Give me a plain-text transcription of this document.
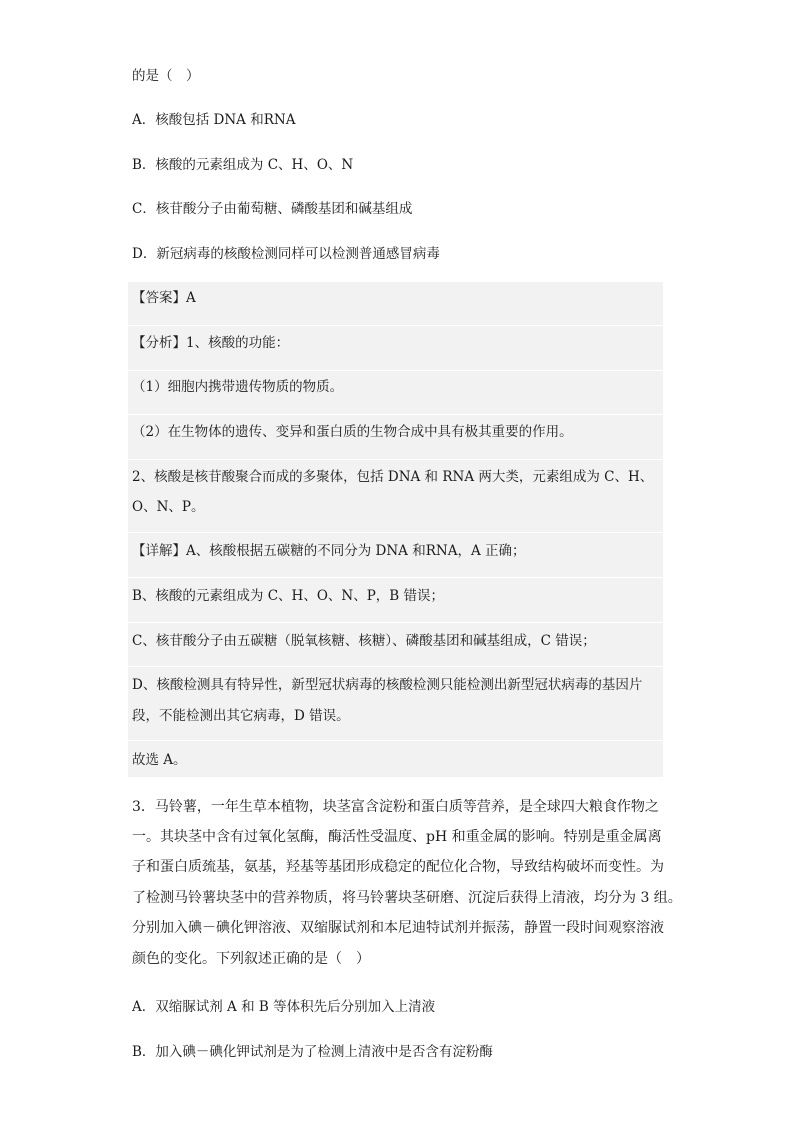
的是（　）
A．核酸包括 DNA 和RNA
B．核酸的元素组成为 C、H、O、N
C．核苷酸分子由葡萄糖、磷酸基团和碱基组成
D．新冠病毒的核酸检测同样可以检测普通感冒病毒
【答案】A
【分析】1、核酸的功能：
（1）细胞内携带遗传物质的物质。
（2）在生物体的遗传、变异和蛋白质的生物合成中具有极其重要的作用。
2、核酸是核苷酸聚合而成的多聚体，包括 DNA 和 RNA 两大类，元素组成为 C、H、
O、N、P。
【详解】A、核酸根据五碳糖的不同分为 DNA 和RNA，A 正确；
B、核酸的元素组成为 C、H、O、N、P，B 错误；
C、核苷酸分子由五碳糖（脱氧核糖、核糖）、磷酸基团和碱基组成，C 错误；
D、核酸检测具有特异性，新型冠状病毒的核酸检测只能检测出新型冠状病毒的基因片
段，不能检测出其它病毒，D 错误。
故选 A。
3．马铃薯，一年生草本植物，块茎富含淀粉和蛋白质等营养，是全球四大粮食作物之
一。其块茎中含有过氧化氢酶，酶活性受温度、pH 和重金属的影响。特别是重金属离
子和蛋白质巯基，氨基，羟基等基团形成稳定的配位化合物，导致结构破坏而变性。为
了检测马铃薯块茎中的营养物质，将马铃薯块茎研磨、沉淀后获得上清液，均分为 3 组。
分别加入碘－碘化钾溶液、双缩脲试剂和本尼迪特试剂并振荡，静置一段时间观察溶液
颜色的变化。下列叙述正确的是（　）
A．双缩脲试剂 A 和 B 等体积先后分别加入上清液
B．加入碘－碘化钾试剂是为了检测上清液中是否含有淀粉酶
